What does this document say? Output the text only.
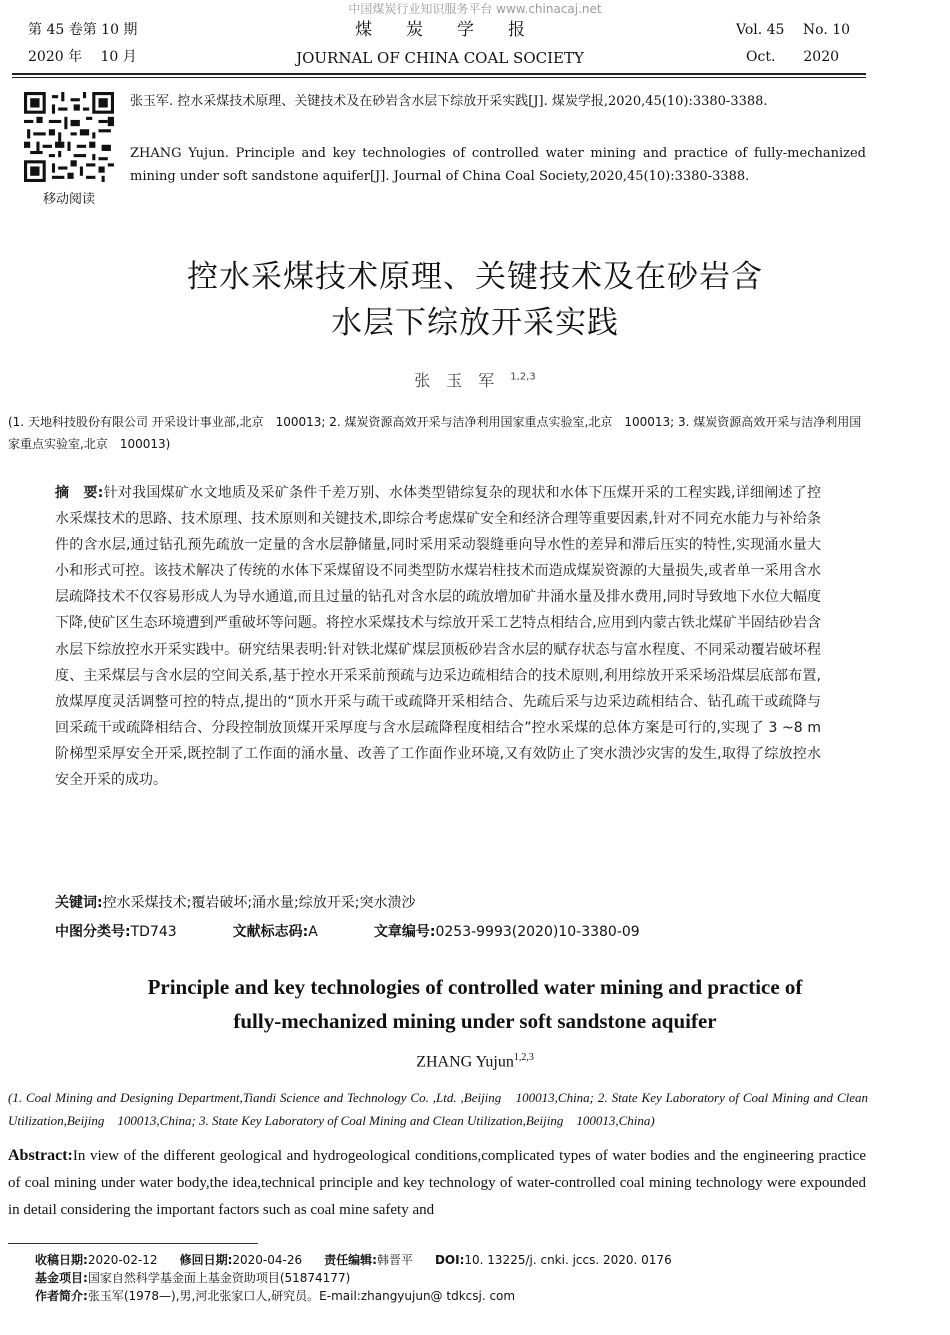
中国煤炭行业知识服务平台 www.chinacaj.net
第 45 卷第 10 期
2020 年　 10 月
煤　　炭　　学　　报
JOURNAL OF CHINA COAL SOCIETY
Vol. 45　 No. 10
Oct.　　2020
移动阅读
张玉军. 控水采煤技术原理、关键技术及在砂岩含水层下综放开采实践[J]. 煤炭学报,2020,45(10):3380-3388.
ZHANG Yujun. Principle and key technologies of controlled water mining and practice of fully-mechanized mining under soft sandstone aquifer[J]. Journal of China Coal Society,2020,45(10):3380-3388.
控水采煤技术原理、关键技术及在砂岩含
水层下综放开采实践
张玉军$^{1,2,3}$
(1. 天地科技股份有限公司 开采设计事业部,北京　100013; 2. 煤炭资源高效开采与洁净利用国家重点实验室,北京　100013; 3. 煤炭资源高效开采与洁净利用国家重点实验室,北京　100013)
摘　要:针对我国煤矿水文地质及采矿条件千差万别、水体类型错综复杂的现状和水体下压煤开采的工程实践,详细阐述了控水采煤技术的思路、技术原理、技术原则和关键技术,即综合考虑煤矿安全和经济合理等重要因素,针对不同充水能力与补给条件的含水层,通过钻孔预先疏放一定量的含水层静储量,同时采用采动裂缝垂向导水性的差异和滞后压实的特性,实现涌水量大小和形式可控。该技术解决了传统的水体下采煤留设不同类型防水煤岩柱技术而造成煤炭资源的大量损失,或者单一采用含水层疏降技术不仅容易形成人为导水通道,而且过量的钻孔对含水层的疏放增加矿井涌水量及排水费用,同时导致地下水位大幅度下降,使矿区生态环境遭到严重破坏等问题。将控水采煤技术与综放开采工艺特点相结合,应用到内蒙古铁北煤矿半固结砂岩含水层下综放控水开采实践中。研究结果表明:针对铁北煤矿煤层顶板砂岩含水层的赋存状态与富水程度、不同采动覆岩破坏程度、主采煤层与含水层的空间关系,基于控水开采采前预疏与边采边疏相结合的技术原则,利用综放开采采场沿煤层底部布置,放煤厚度灵活调整可控的特点,提出的“顶水开采与疏干或疏降开采相结合、先疏后采与边采边疏相结合、钻孔疏干或疏降与回采疏干或疏降相结合、分段控制放顶煤开采厚度与含水层疏降程度相结合”控水采煤的总体方案是可行的,实现了 3 ~8 m 阶梯型采厚安全开采,既控制了工作面的涌水量、改善了工作面作业环境,又有效防止了突水溃沙灾害的发生,取得了综放控水安全开采的成功。
关键词:控水采煤技术;覆岩破坏;涌水量;综放开采;突水溃沙
中图分类号:TD743	文献标志码:A	文章编号:0253-9993(2020)10-3380-09
Principle and key technologies of controlled water mining and practice of
fully-mechanized mining under soft sandstone aquifer
ZHANG Yujun$^{1,2,3}$
(1. Coal Mining and Designing Department,Tiandi Science and Technology Co. ,Ltd. ,Beijing　100013,China; 2. State Key Laboratory of Coal Mining and Clean Utilization,Beijing　100013,China; 3. State Key Laboratory of Coal Mining and Clean Utilization,Beijing　100013,China)
Abstract:In view of the different geological and hydrogeological conditions,complicated types of water bodies and the engineering practice of coal mining under water body,the idea,technical principle and key technology of water-controlled coal mining technology were expounded in detail considering the important factors such as coal mine safety and
收稿日期:2020-02-12 修回日期:2020-04-26 责任编辑:韩晋平 DOI:10. 13225/j. cnki. jccs. 2020. 0176
基金项目:国家自然科学基金面上基金资助项目(51874177)
作者简介:张玉军(1978—),男,河北张家口人,研究员。E-mail:zhangyujun@ tdkcsj. com
